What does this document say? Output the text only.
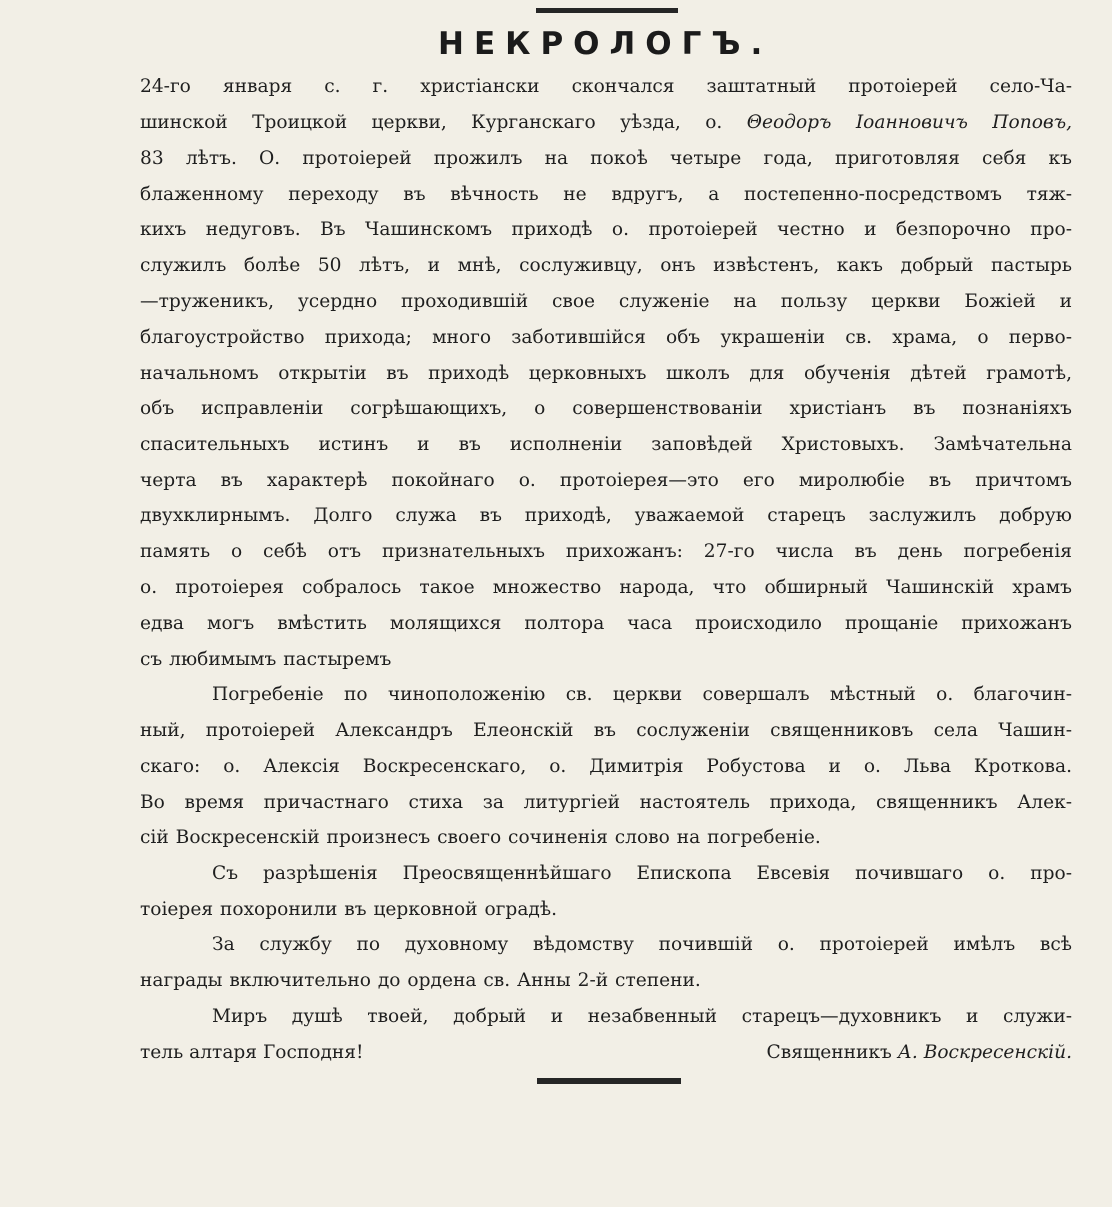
НЕКРОЛОГЪ.

24-го января с. г. христiански скончался заштатный протоiерей село-Ча-

шинской Троицкой церкви, Курганскаго уѣзда, о. Θеодоръ Iоанновичъ Поповъ,

83 лѣтъ. О. протоiерей прожилъ на покоѣ четыре года, приготовляя себя къ

блаженному переходу въ вѣчность не вдругъ, а постепенно-посредствомъ тяж-

кихъ недуговъ. Въ Чашинскомъ приходѣ о. протоiерей честно и безпорочно про-

служилъ болѣе 50 лѣтъ, и мнѣ, сослуживцу, онъ извѣстенъ, какъ добрый пастырь

—труженикъ, усердно проходившiй свое служенiе на пользу церкви Божiей и

благоустройство прихода; много заботившiйся объ украшенiи св. храма, о перво-

начальномъ открытiи въ приходѣ церковныхъ школъ для обученiя дѣтей грамотѣ,

объ исправленiи согрѣшающихъ, о совершенствованiи христiанъ въ познанiяхъ

спасительныхъ истинъ и въ исполненiи заповѣдей Христовыхъ. Замѣчательна

черта въ характерѣ покойнаго о. протоiерея—это его миролюбiе въ причтомъ

двухклирнымъ. Долго служа въ приходѣ, уважаемой старецъ заслужилъ добрую

память о себѣ отъ признательныхъ прихожанъ: 27-го числа въ день погребенiя

о. протоiерея собралось такое множество народа, что обширный Чашинскiй храмъ

едва могъ вмѣстить молящихся полтора часа происходило прощанiе прихожанъ

съ любимымъ пастыремъ

Погребенiе по чиноположенiю св. церкви совершалъ мѣстный о. благочин-

ный, протоiерей Александръ Елеонскiй въ сослуженiи священниковъ села Чашин-

скаго: о. Алексiя Воскресенскаго, о. Димитрiя Робустова и о. Льва Кроткова.

Во время причастнаго стиха за литургiей настоятель прихода, священникъ Алек-

сiй Воскресенскiй произнесъ своего сочиненiя слово на погребенiе.

Съ разрѣшенiя Преосвященнѣйшаго Епископа Евсевiя почившаго о. про-

тоiерея похоронили въ церковной оградѣ.

За службу по духовному вѣдомству почившiй о. протоiерей имѣлъ всѣ

награды включительно до ордена св. Анны 2-й степени.

Миръ душѣ твоей, добрый и незабвенный старецъ—духовникъ и служи-

тель алтаря Господня!	Священникъ А. Воскресенскiй.
